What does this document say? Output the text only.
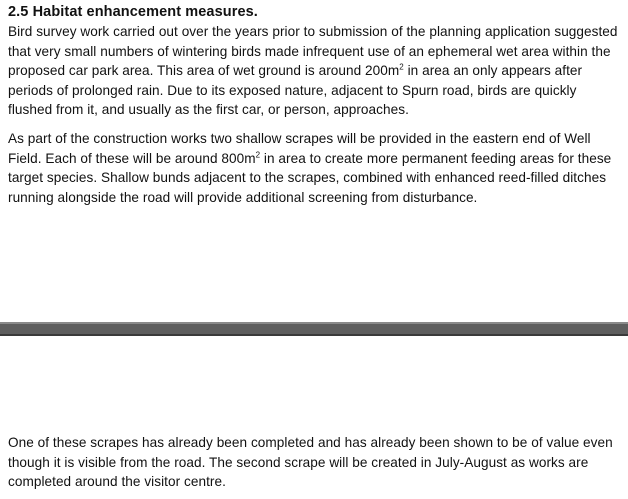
2.5 Habitat enhancement measures.

Bird survey work carried out over the years prior to submission of the planning application suggested that very small numbers of wintering birds made infrequent use of an ephemeral wet area within the proposed car park area. This area of wet ground is around $200m^2$ in area an only appears after periods of prolonged rain. Due to its exposed nature, adjacent to Spurn road, birds are quickly flushed from it, and usually as the first car, or person, approaches.

As part of the construction works two shallow scrapes will be provided in the eastern end of Well Field. Each of these will be around $800m^2$ in area to create more permanent feeding areas for these target species. Shallow bunds adjacent to the scrapes, combined with enhanced reed-filled ditches running alongside the road will provide additional screening from disturbance.

One of these scrapes has already been completed and has already been shown to be of value even though it is visible from the road. The second scrape will be created in July-August as works are completed around the visitor centre.
